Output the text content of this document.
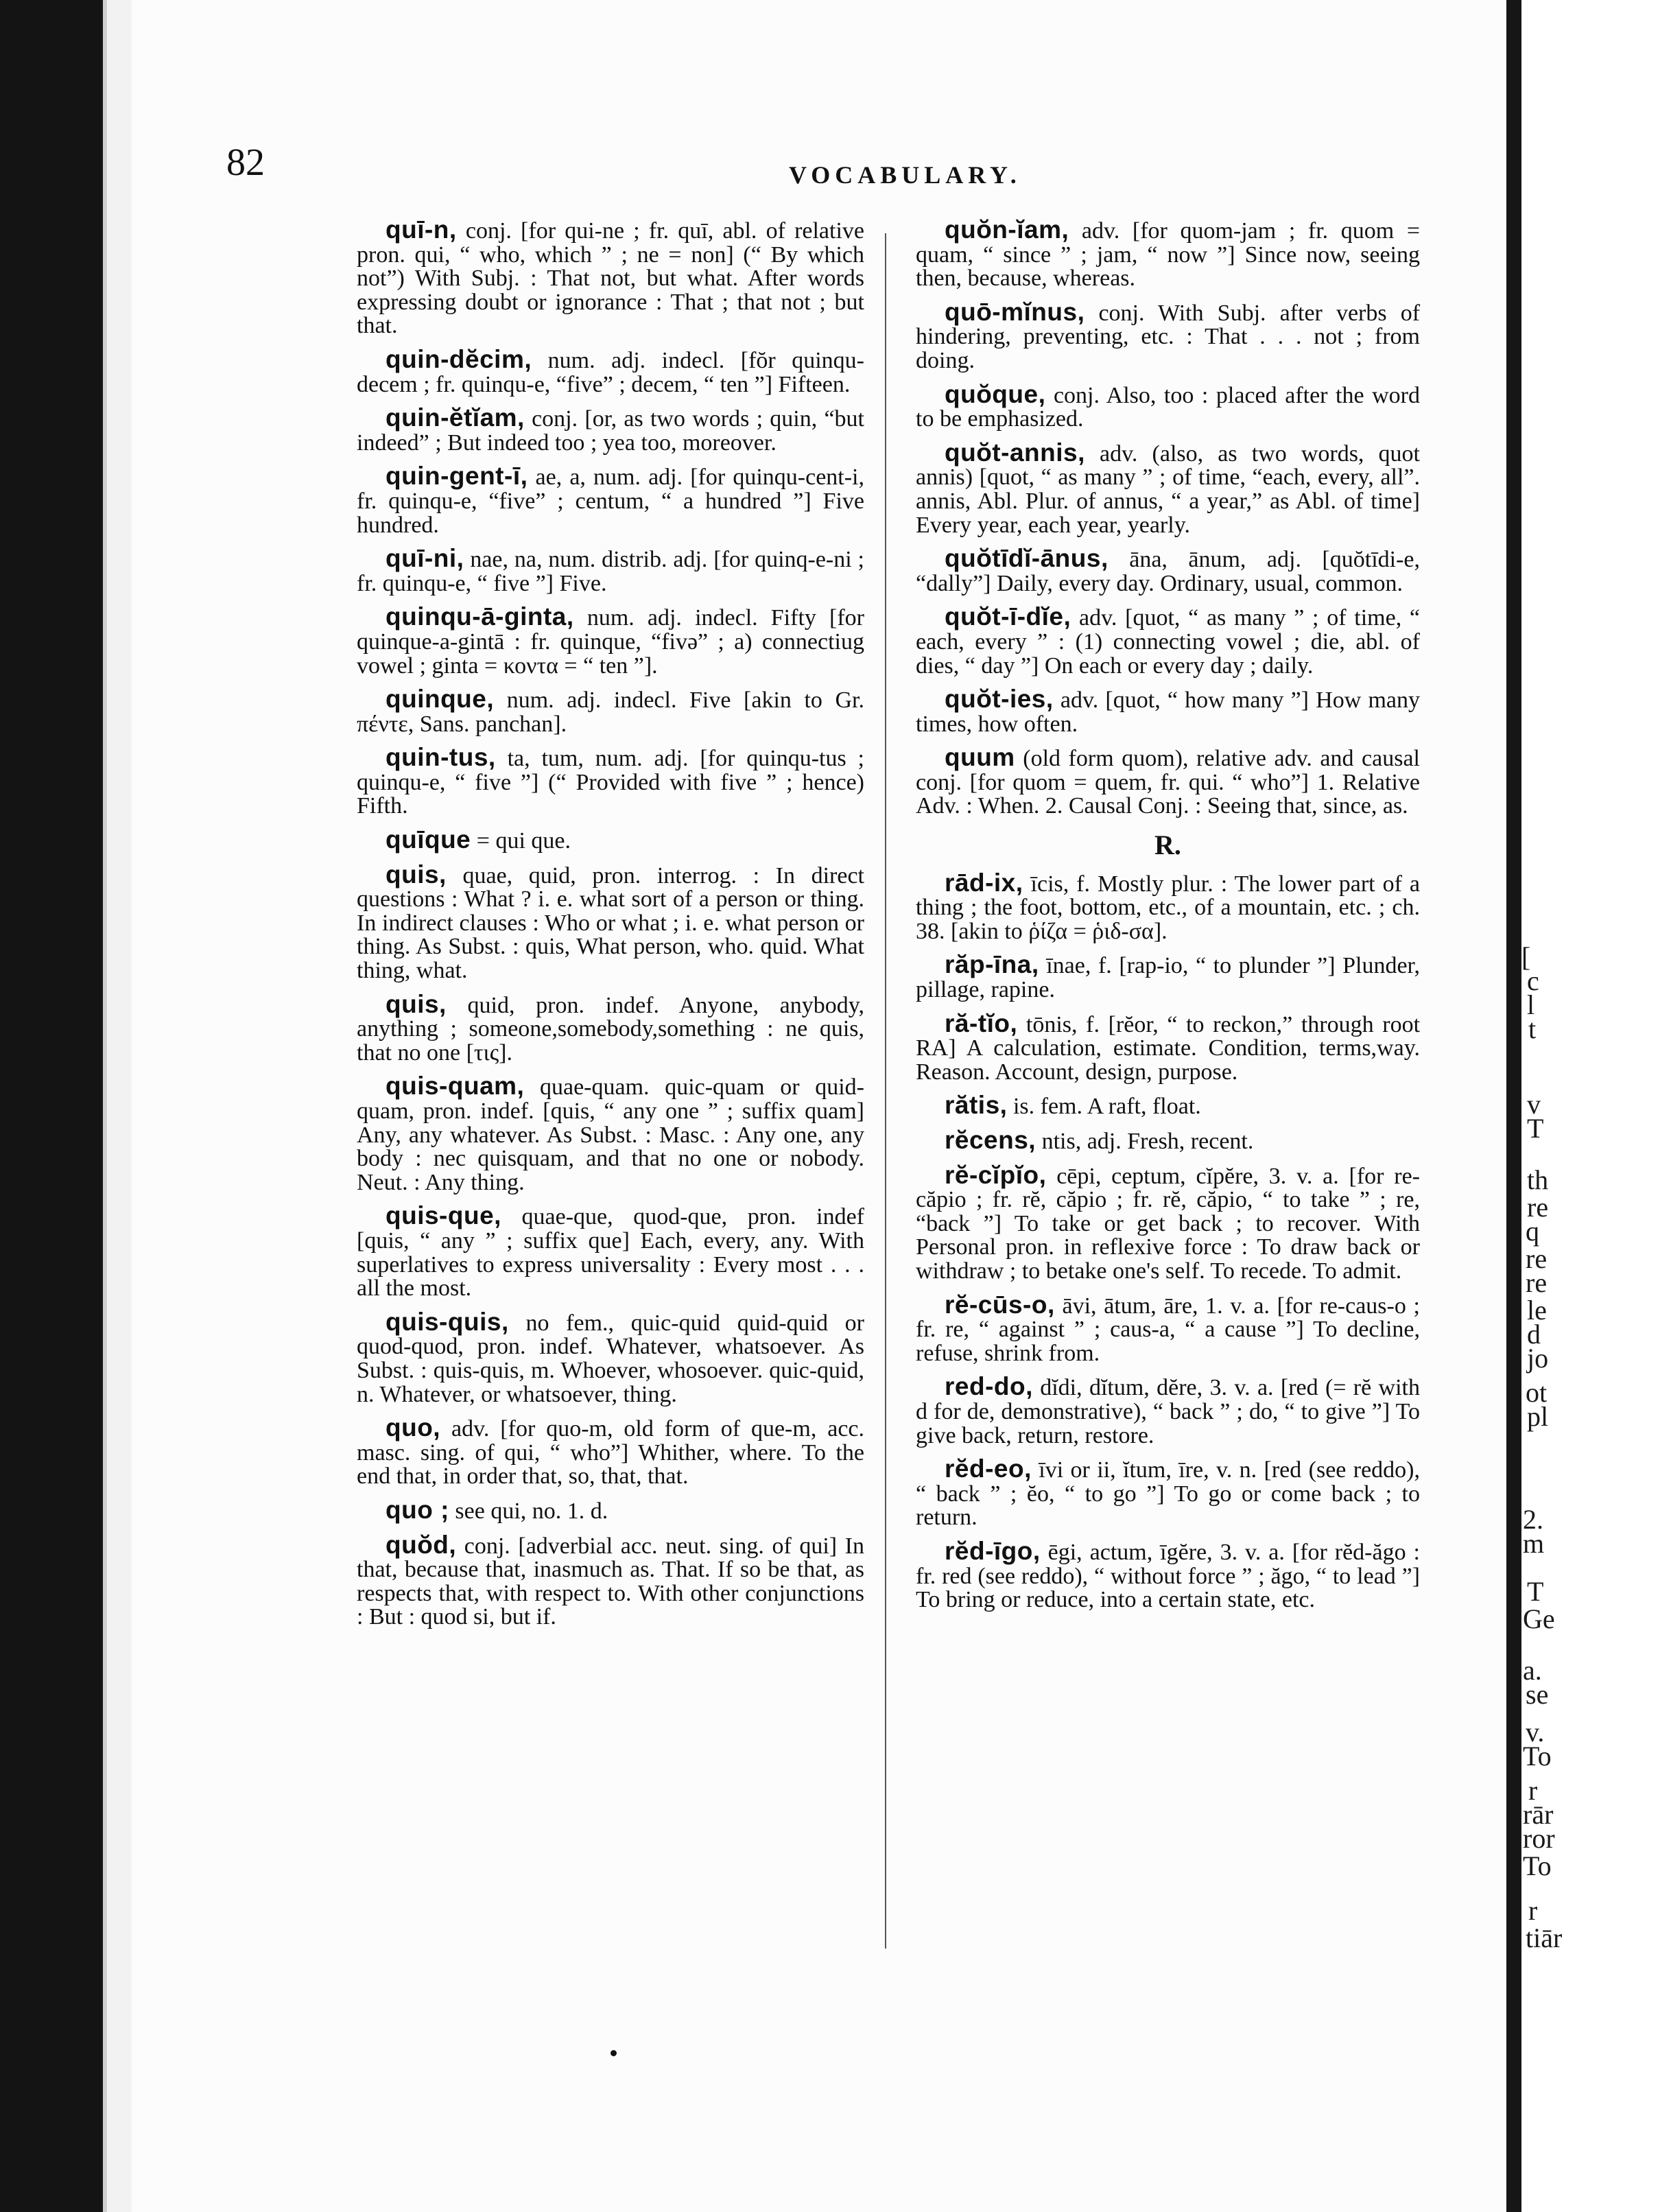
82	VOCABULARY.

quī-n, conj. [for qui-ne ; fr. quī, abl. of relative pron. qui, “ who, which ” ; ne = non] (“ By which not”) With Subj. : That not, but what. After words expressing doubt or ignorance : That ; that not ; but that.

quin-dĕcim, num. adj. indecl. [fŏr quinqu-decem ; fr. quinqu-e, “five” ; decem, “ ten ”] Fifteen.

quin-ĕtĭam, conj. [or, as two words ; quin, “but indeed” ; But indeed too ; yea too, moreover.

quin-gent-ī, ae, a, num. adj. [for quinqu-cent-i, fr. quinqu-e, “five” ; centum, “ a hundred ”] Five hundred.

quī-ni, nae, na, num. distrib. adj. [for quinq-e-ni ; fr. quinqu-e, “ five ”] Five.

quinqu-ā-ginta, num. adj. indecl. Fifty [for quinque-a-gintā : fr. quinque, “fivə” ; a) connectiug vowel ; ginta = κοντα = “ ten ”].

quinque, num. adj. indecl. Five [akin to Gr. πέντε, Sans. panchan].

quin-tus, ta, tum, num. adj. [for quinqu-tus ; quinqu-e, “ five ”] (“ Provided with five ” ; hence) Fifth.

quīque = qui que.

quis, quae, quid, pron. interrog. : In direct questions : What ? i. e. what sort of a person or thing. In indirect clauses : Who or what ; i. e. what person or thing. As Subst. : quis, What person, who. quid. What thing, what.

quis, quid, pron. indef. Anyone, anybody, anything ; someone,somebody,something : ne quis, that no one [τις].

quis-quam, quae-quam. quic-quam or quid-quam, pron. indef. [quis, “ any one ” ; suffix quam] Any, any whatever. As Subst. : Masc. : Any one, any body : nec quisquam, and that no one or nobody. Neut. : Any thing.

quis-que, quae-que, quod-que, pron. indef [quis, “ any ” ; suffix que] Each, every, any. With superlatives to express universality : Every most . . . all the most.

quis-quis, no fem., quic-quid quid-quid or quod-quod, pron. indef. Whatever, whatsoever. As Subst. : quis-quis, m. Whoever, whosoever. quic-quid, n. Whatever, or whatsoever, thing.

quo, adv. [for quo-m, old form of que-m, acc. masc. sing. of qui, “ who”] Whither, where. To the end that, in order that, so, that, that.

quo ; see qui, no. 1. d.

quŏd, conj. [adverbial acc. neut. sing. of qui] In that, because that, inasmuch as. That. If so be that, as respects that, with respect to. With other conjunctions : But : quod si, but if.

quŏn-ĭam, adv. [for quom-jam ; fr. quom = quam, “ since ” ; jam, “ now ”] Since now, seeing then, because, whereas.

quō-mĭnus, conj. With Subj. after verbs of hindering, preventing, etc. : That . . . not ; from doing.

quŏque, conj. Also, too : placed after the word to be emphasized.

quŏt-annis, adv. (also, as two words, quot annis) [quot, “ as many ” ; of time, “each, every, all”. annis, Abl. Plur. of annus, “ a year,” as Abl. of time] Every year, each year, yearly.

quŏtīdĭ-ānus, āna, ānum, adj. [quŏtīdi-e, “dally”] Daily, every day. Ordinary, usual, common.

quŏt-ī-dĭe, adv. [quot, “ as many ” ; of time, “ each, every ” : (1) connecting vowel ; die, abl. of dies, “ day ”] On each or every day ; daily.

quŏt-ies, adv. [quot, “ how many ”] How many times, how often.

quum (old form quom), relative adv. and causal conj. [for quom = quem, fr. qui. “ who”] 1. Relative Adv. : When. 2. Causal Conj. : Seeing that, since, as.

R.

rād-ix, īcis, f. Mostly plur. : The lower part of a thing ; the foot, bottom, etc., of a mountain, etc. ; ch. 38. [akin to ῥίζα = ῥιδ-σα].

răp-īna, īnae, f. [rap-io, “ to plunder ”] Plunder, pillage, rapine.

ră-tĭo, tōnis, f. [rĕor, “ to reckon,” through root RA] A calculation, estimate. Condition, terms,way. Reason. Account, design, purpose.

rătis, is. fem. A raft, float.

rĕcens, ntis, adj. Fresh, recent.

rĕ-cĭpĭo, cēpi, ceptum, cĭpĕre, 3. v. a. [for re-căpio ; fr. rĕ, căpio ; fr. rĕ, căpio, “ to take ” ; re, “back ”] To take or get back ; to recover. With Personal pron. in reflexive force : To draw back or withdraw ; to betake one's self. To recede. To admit.

rĕ-cūs-o, āvi, ātum, āre, 1. v. a. [for re-caus-o ; fr. re, “ against ” ; caus-a, “ a cause ”] To decline, refuse, shrink from.

red-do, dĭdi, dĭtum, dĕre, 3. v. a. [red (= rĕ with d for de, demonstrative), “ back ” ; do, “ to give ”] To give back, return, restore.

rĕd-eo, īvi or ii, ĭtum, īre, v. n. [red (see reddo), “ back ” ; ĕo, “ to go ”] To go or come back ; to return.

rĕd-īgo, ēgi, actum, īgĕre, 3. v. a. [for rĕd-ăgo : fr. red (see reddo), “ without force ” ; ăgo, “ to lead ”] To bring or reduce, into a certain state, etc.

[
c
l
t
v
T
th
re
q
re
re
le
d
jo
ot
pl
2.
m
T
Ge
a.
se
v.
To
r
rār
ror
To
r
tiār
